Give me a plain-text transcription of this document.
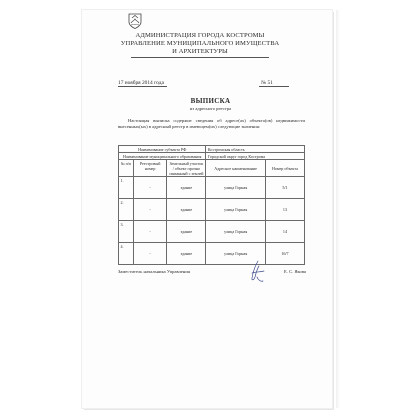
АДМИНИСТРАЦИЯ ГОРОДА КОСТРОМЫ
УПРАВЛЕНИЕ МУНИЦИПАЛЬНОГО ИМУЩЕСТВА
И АРХИТЕКТУРЫ
17 ноября 2014 года	№ 51
ВЫПИСКА
из адресного реестра
Настоящая выписка содержит сведения об адресе(ах) объекта(ов) недвижимости внесенных(ых) в адресный реестр в имеющем(их) следующие значения:
Наименование субъекта РФ			Костромская область	
Наименование муниципального образования			Городской округ город Кострома	
№ п/п	Реестровый номер	Земельный участок / объект прочно связанный с землей	Адресное наименование	Номер объекта
1.	-	здание	улица Горная	5/1
2.	-	здание	улица Горная	13
3.	-	здание	улица Горная	14
4.	-	здание	улица Горная	16/7
Заместитель начальника Управления	Е. С. Якова
